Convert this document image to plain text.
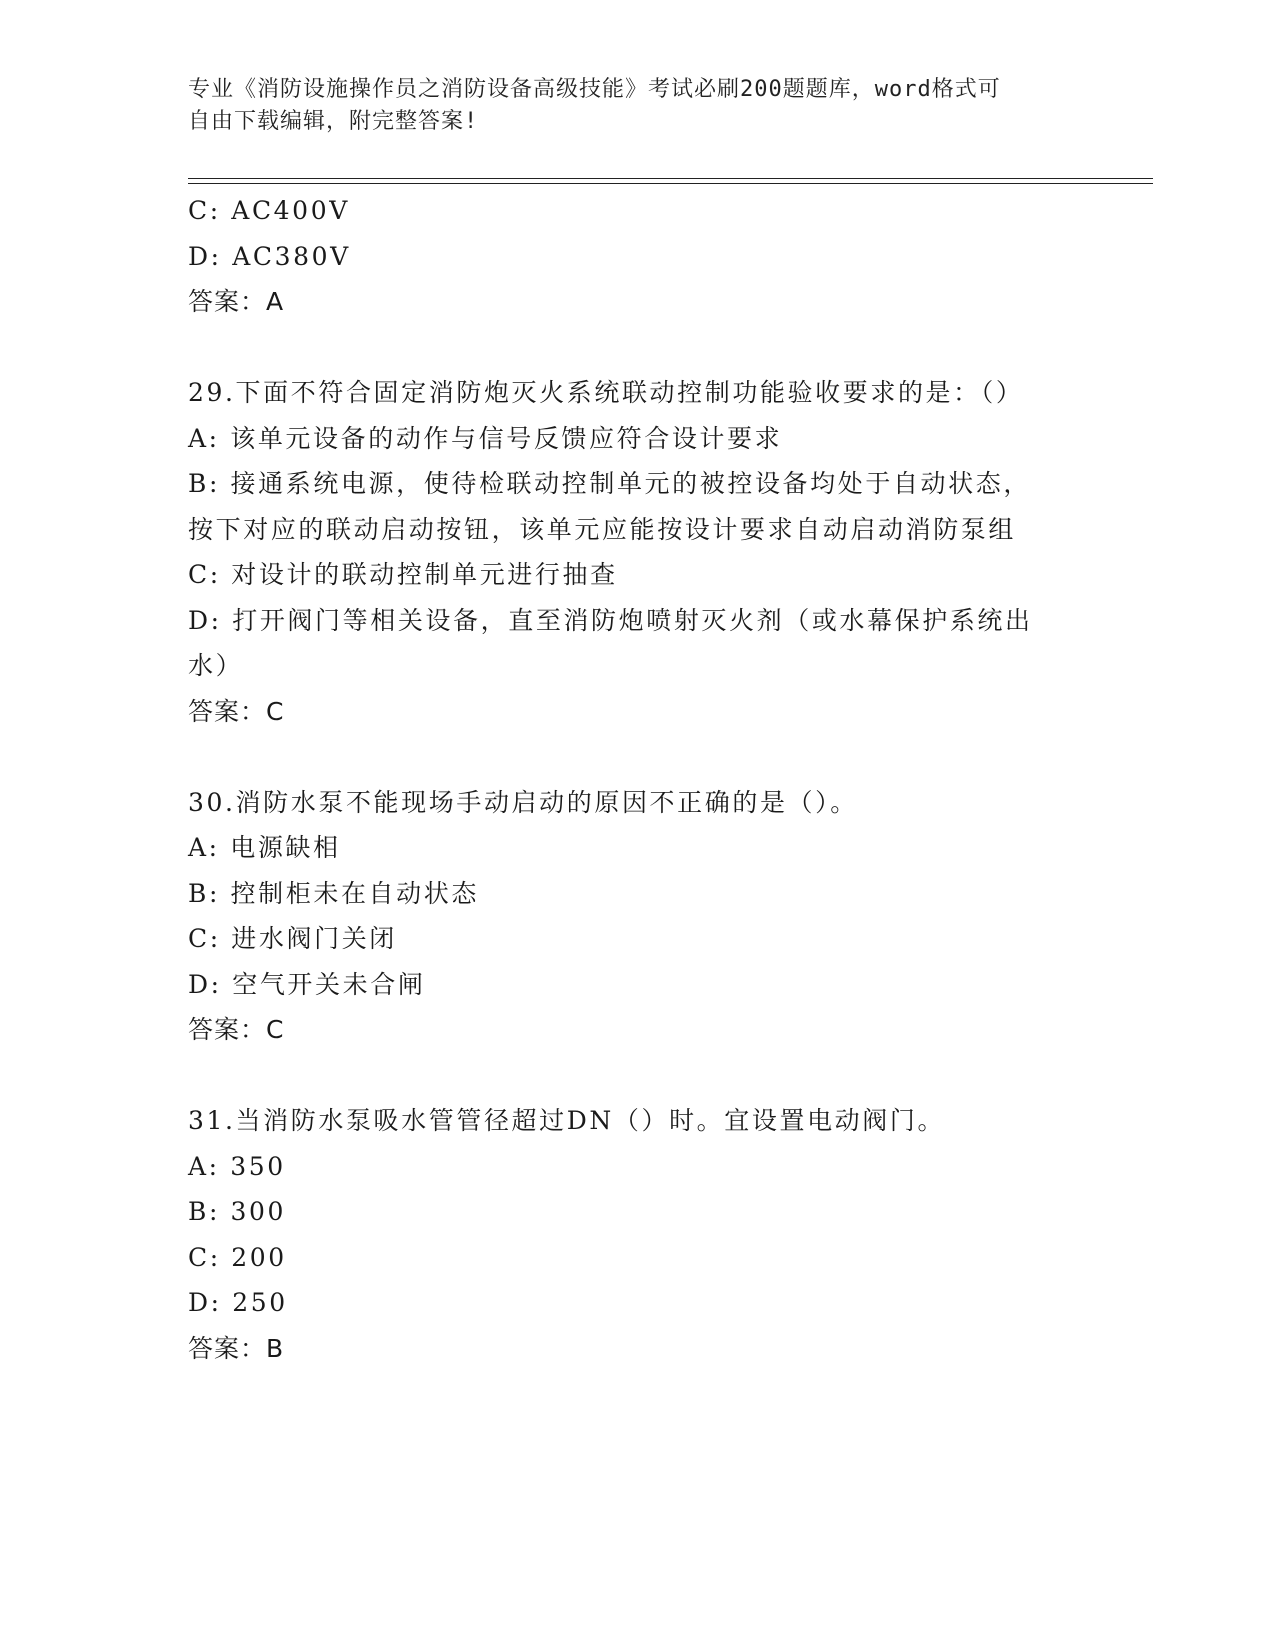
专业《消防设施操作员之消防设备高级技能》考试必刷200题题库，word格式可
自由下载编辑，附完整答案!
C: AC400V
D: AC380V
答案：A
29.下面不符合固定消防炮灭火系统联动控制功能验收要求的是：（）
A: 该单元设备的动作与信号反馈应符合设计要求
B: 接通系统电源，使待检联动控制单元的被控设备均处于自动状态，
按下对应的联动启动按钮，该单元应能按设计要求自动启动消防泵组
C: 对设计的联动控制单元进行抽查
D: 打开阀门等相关设备，直至消防炮喷射灭火剂（或水幕保护系统出
水）
答案：C
30.消防水泵不能现场手动启动的原因不正确的是（）。
A: 电源缺相
B: 控制柜未在自动状态
C: 进水阀门关闭
D: 空气开关未合闸
答案：C
31.当消防水泵吸水管管径超过DN（）时。宜设置电动阀门。
A: 350
B: 300
C: 200
D: 250
答案：B
